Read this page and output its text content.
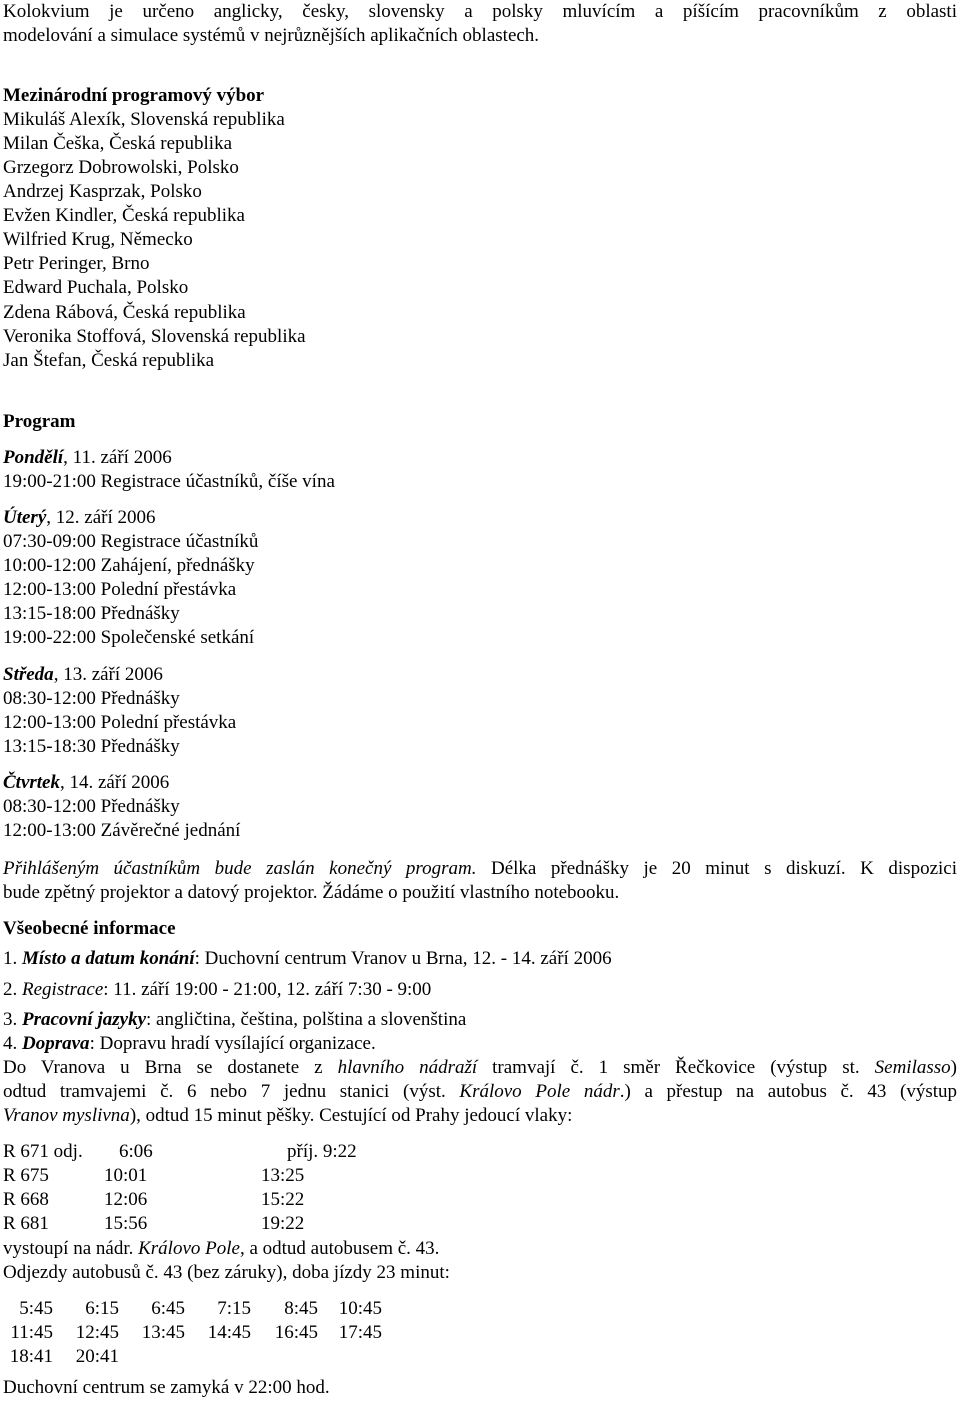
Kolokvium je určeno anglicky, česky, slovensky a polsky mluvícím a píšícím pracovníkům z oblasti
modelování a simulace systémů v nejrůznějších aplikačních oblastech.
Mezinárodní programový výbor
Mikuláš Alexík, Slovenská republika
Milan Češka, Česká republika
Grzegorz Dobrowolski, Polsko
Andrzej Kasprzak, Polsko
Evžen Kindler, Česká republika
Wilfried Krug, Německo
Petr Peringer, Brno
Edward Puchala, Polsko
Zdena Rábová, Česká republika
Veronika Stoffová, Slovenská republika
Jan Štefan, Česká republika
Program
Pondělí, 11. září 2006
19:00-21:00 Registrace účastníků, číše vína
Úterý, 12. září 2006
07:30-09:00 Registrace účastníků
10:00-12:00 Zahájení, přednášky
12:00-13:00 Polední přestávka
13:15-18:00 Přednášky
19:00-22:00 Společenské setkání
Středa, 13. září 2006
08:30-12:00 Přednášky
12:00-13:00 Polední přestávka
13:15-18:30 Přednášky
Čtvrtek, 14. září 2006
08:30-12:00 Přednášky
12:00-13:00 Závěrečné jednání
Přihlášeným účastníkům bude zaslán konečný program. Délka přednášky je 20 minut s diskuzí. K dispozici
bude zpětný projektor a datový projektor. Žádáme o použití vlastního notebooku.
Všeobecné informace
1. Místo a datum konání: Duchovní centrum Vranov u Brna, 12. - 14. září 2006
2. Registrace: 11. září 19:00 - 21:00, 12. září 7:30 - 9:00
3. Pracovní jazyky: angličtina, čeština, polština a slovenština
4. Doprava: Dopravu hradí vysílající organizace.
Do Vranova u Brna se dostanete z hlavního nádraží tramvají č. 1 směr Řečkovice (výstup st. Semilasso)
odtud tramvajemi č. 6 nebo 7 jednu stanici (výst. Královo Pole nádr.) a přestup na autobus č. 43 (výstup
Vranov myslivna), odtud 15 minut pěšky. Cestující od Prahy jedoucí vlaky:
R 671 odj. 6:06	příj. 9:22
R 675	10:01	13:25
R 668	12:06	15:22
R 681	15:56	19:22
vystoupí na nádr. Královo Pole, a odtud autobusem č. 43.
Odjezdy autobusů č. 43 (bez záruky), doba jízdy 23 minut:
5:45	6:15	6:45	7:15	8:45	10:45
11:45	12:45	13:45	14:45	16:45	17:45
18:41	20:41
Duchovní centrum se zamyká v 22:00 hod.
